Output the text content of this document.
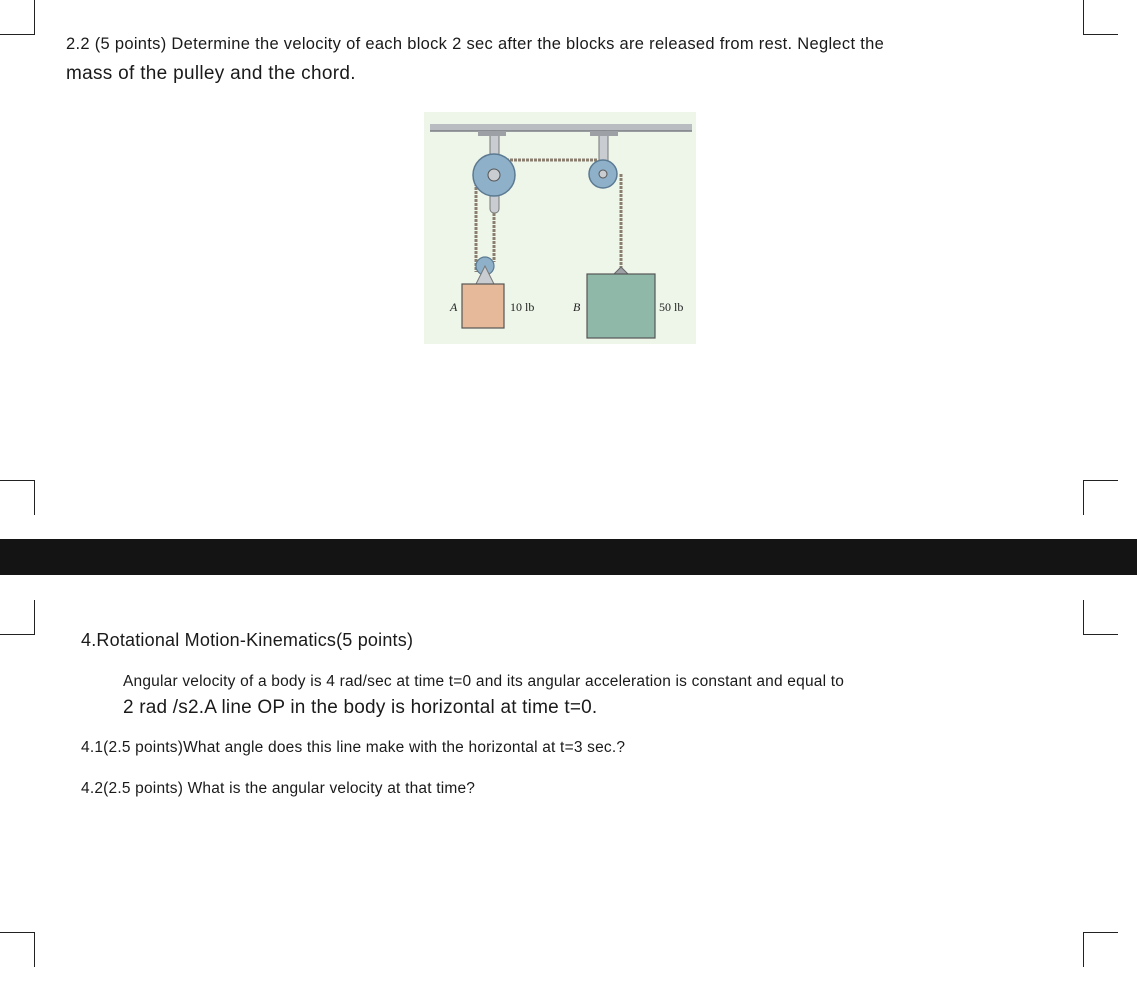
2.2 (5 points) Determine the velocity of each block 2 sec after the blocks are released from rest. Neglect the
mass of the pulley and the chord.
A	10 lb	B	50 lb
4.Rotational Motion-Kinematics(5 points)
Angular velocity of a body is 4 rad/sec at time t=0 and its angular acceleration is constant and equal to
2 rad /s2.A line OP in the body is horizontal at time t=0.
4.1(2.5 points)What angle does this line make with the horizontal at t=3 sec.?
4.2(2.5 points) What is the angular velocity at that time?
